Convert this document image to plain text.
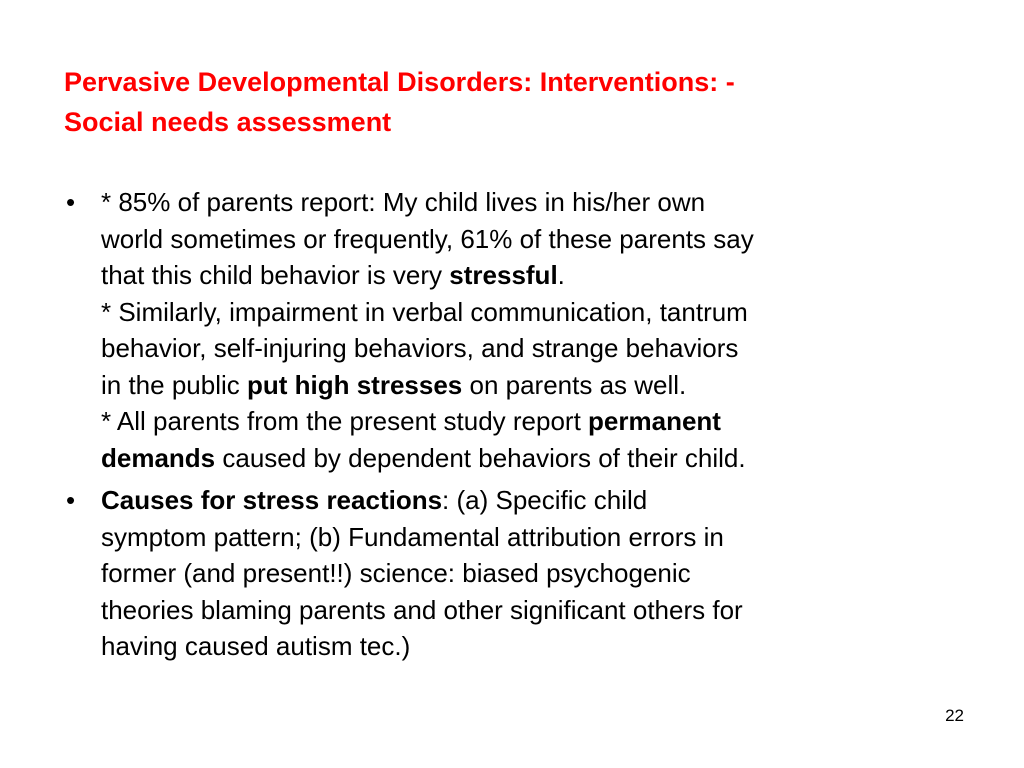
Pervasive Developmental Disorders: Interventions: -
Social needs assessment
• * 85% of parents report: My child lives in his/her own
world sometimes or frequently, 61% of these parents say
that this child behavior is very stressful.
* Similarly, impairment in verbal communication, tantrum
behavior, self-injuring behaviors, and strange behaviors
in the public put high stresses on parents as well.
* All parents from the present study report permanent
demands caused by dependent behaviors of their child.
• Causes for stress reactions: (a) Specific child
symptom pattern; (b) Fundamental attribution errors in
former (and present!!) science: biased psychogenic
theories blaming parents and other significant others for
having caused autism tec.)
22
